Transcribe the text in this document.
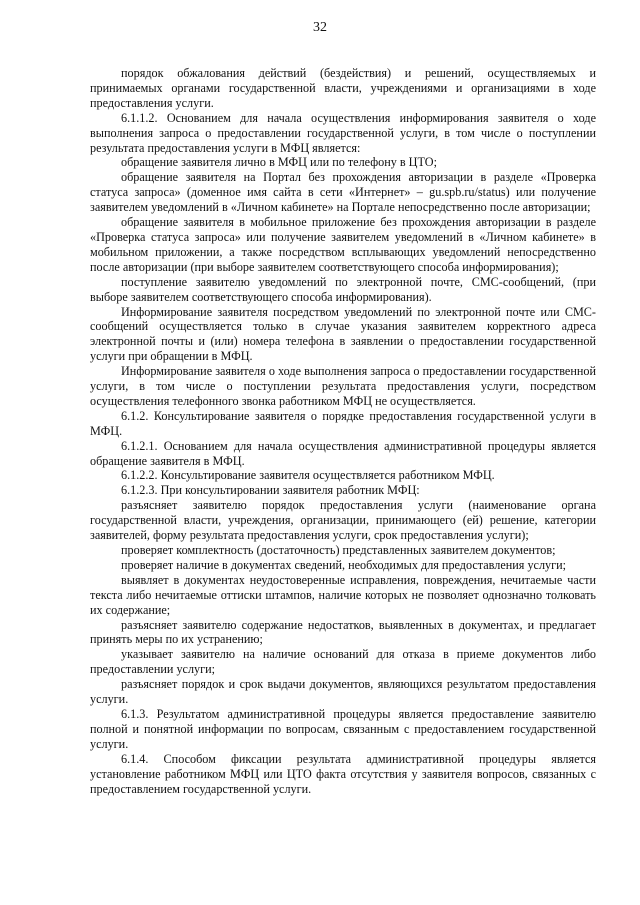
32

порядок обжалования действий (бездействия) и решений, осуществляемых и принимаемых органами государственной власти, учреждениями и организациями в ходе предоставления услуги.

6.1.1.2. Основанием для начала осуществления информирования заявителя о ходе выполнения запроса о предоставлении государственной услуги, в том числе о поступлении результата предоставления услуги в МФЦ является:

обращение заявителя лично в МФЦ или по телефону в ЦТО;

обращение заявителя на Портал без прохождения авторизации в разделе «Проверка статуса запроса» (доменное имя сайта в сети «Интернет» – gu.spb.ru/status) или получение заявителем уведомлений в «Личном кабинете» на Портале непосредственно после авторизации;

обращение заявителя в мобильное приложение без прохождения авторизации в разделе «Проверка статуса запроса» или получение заявителем уведомлений в «Личном кабинете» в мобильном приложении, а также посредством всплывающих уведомлений непосредственно после авторизации (при выборе заявителем соответствующего способа информирования);

поступление заявителю уведомлений по электронной почте, СМС-сообщений, (при выборе заявителем соответствующего способа информирования).

Информирование заявителя посредством уведомлений по электронной почте или СМС-сообщений осуществляется только в случае указания заявителем корректного адреса электронной почты и (или) номера телефона в заявлении о предоставлении государственной услуги при обращении в МФЦ.

Информирование заявителя о ходе выполнения запроса о предоставлении государственной услуги, в том числе о поступлении результата предоставления услуги, посредством осуществления телефонного звонка работником МФЦ не осуществляется.

6.1.2. Консультирование заявителя о порядке предоставления государственной услуги в МФЦ.

6.1.2.1. Основанием для начала осуществления административной процедуры является обращение заявителя в МФЦ.

6.1.2.2. Консультирование заявителя осуществляется работником МФЦ.

6.1.2.3. При консультировании заявителя работник МФЦ:

разъясняет заявителю порядок предоставления услуги (наименование органа государственной власти, учреждения, организации, принимающего (ей) решение, категории заявителей, форму результата предоставления услуги, срок предоставления услуги);

проверяет комплектность (достаточность) представленных заявителем документов;

проверяет наличие в документах сведений, необходимых для предоставления услуги;

выявляет в документах неудостоверенные исправления, повреждения, нечитаемые части текста либо нечитаемые оттиски штампов, наличие которых не позволяет однозначно толковать их содержание;

разъясняет заявителю содержание недостатков, выявленных в документах, и предлагает принять меры по их устранению;

указывает заявителю на наличие оснований для отказа в приеме документов либо предоставлении услуги;

разъясняет порядок и срок выдачи документов, являющихся результатом предоставления услуги.

6.1.3. Результатом административной процедуры является предоставление заявителю полной и понятной информации по вопросам, связанным с предоставлением государственной услуги.

6.1.4. Способом фиксации результата административной процедуры является установление работником МФЦ или ЦТО факта отсутствия у заявителя вопросов, связанных с предоставлением государственной услуги.
